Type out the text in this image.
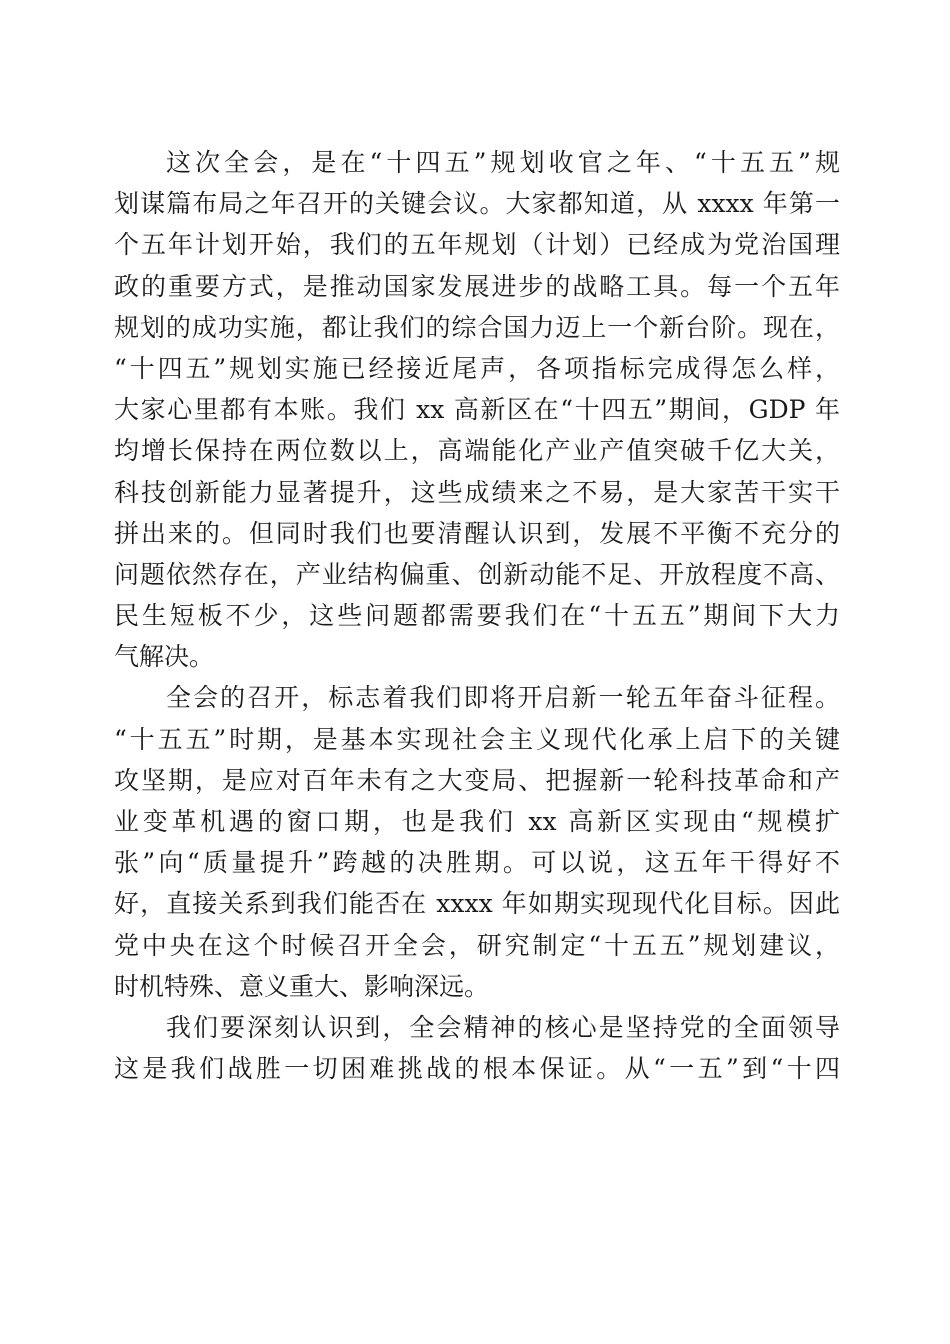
这次全会，是在“十四五”规划收官之年、“十五五”规
划谋篇布局之年召开的关键会议。大家都知道，从 xxxx 年第一
个五年计划开始，我们的五年规划（计划）已经成为党治国理
政的重要方式，是推动国家发展进步的战略工具。每一个五年
规划的成功实施，都让我们的综合国力迈上一个新台阶。现在，
“十四五”规划实施已经接近尾声，各项指标完成得怎么样，
大家心里都有本账。我们 xx 高新区在“十四五”期间，GDP 年
均增长保持在两位数以上，高端能化产业产值突破千亿大关，
科技创新能力显著提升，这些成绩来之不易，是大家苦干实干
拼出来的。但同时我们也要清醒认识到，发展不平衡不充分的
问题依然存在，产业结构偏重、创新动能不足、开放程度不高、
民生短板不少，这些问题都需要我们在“十五五”期间下大力
气解决。
全会的召开，标志着我们即将开启新一轮五年奋斗征程。
“十五五”时期，是基本实现社会主义现代化承上启下的关键
攻坚期，是应对百年未有之大变局、把握新一轮科技革命和产
业变革机遇的窗口期，也是我们 xx 高新区实现由“规模扩
张”向“质量提升”跨越的决胜期。可以说，这五年干得好不
好，直接关系到我们能否在 xxxx 年如期实现现代化目标。因此
党中央在这个时候召开全会，研究制定“十五五”规划建议，
时机特殊、意义重大、影响深远。
我们要深刻认识到，全会精神的核心是坚持党的全面领导
这是我们战胜一切困难挑战的根本保证。从“一五”到“十四
